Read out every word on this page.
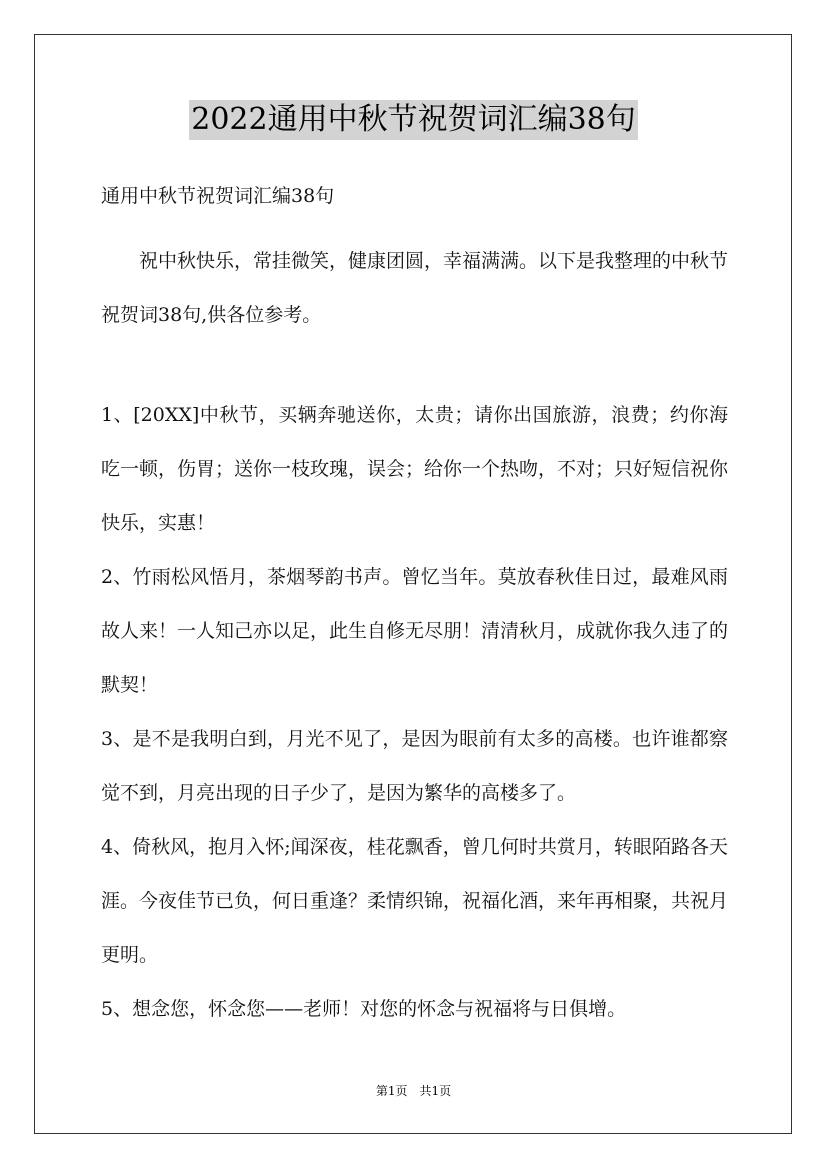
2022通用中秋节祝贺词汇编38句

通用中秋节祝贺词汇编38句

祝中秋快乐，常挂微笑，健康团圆，幸福满满。以下是我整理的中秋节祝贺词38句,供各位参考。

1、[20XX]中秋节，买辆奔驰送你，太贵；请你出国旅游，浪费；约你海吃一顿，伤胃；送你一枝玫瑰，误会；给你一个热吻，不对；只好短信祝你快乐，实惠！

2、竹雨松风悟月，茶烟琴韵书声。曾忆当年。莫放春秋佳日过，最难风雨故人来！一人知己亦以足，此生自修无尽朋！清清秋月，成就你我久违了的默契！

3、是不是我明白到，月光不见了，是因为眼前有太多的高楼。也许谁都察觉不到，月亮出现的日子少了，是因为繁华的高楼多了。

4、倚秋风，抱月入怀;闻深夜，桂花飘香，曾几何时共赏月，转眼陌路各天涯。今夜佳节已负，何日重逢？柔情织锦，祝福化酒，来年再相聚，共祝月更明。

5、想念您，怀念您——老师！对您的怀念与祝福将与日俱增。

第1页 共1页
